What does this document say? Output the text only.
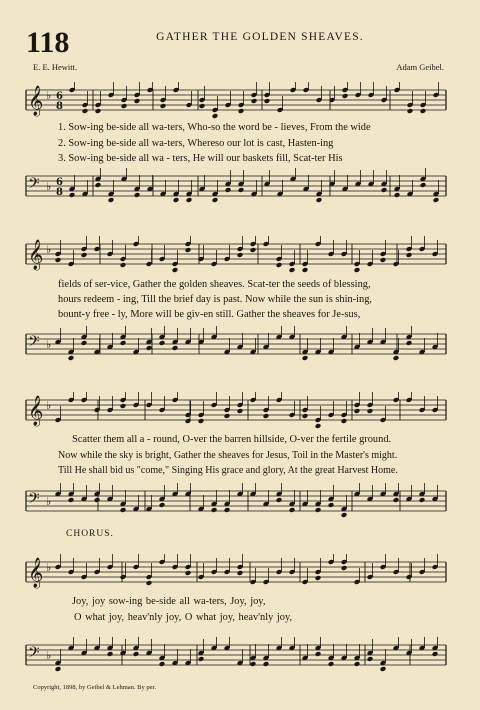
118	GATHER THE GOLDEN SHEAVES.
E. E. Hewitt.	Adam Geibel.
𝄞 ♭ 6
8
1. Sow-ing be-side all wa-ters, Who-so the word be - lieves, From the wide
2. Sow-ing be-side all wa-ters, Whereso our lot is cast, Hasten-ing
3. Sow-ing be-side all wa - ters, He will our baskets fill, Scat-ter His
𝄢 ♭ 6
8
𝄞 ♭
fields of ser-vice, Gather the golden sheaves. Scat-ter the seeds of blessing,
hours redeem - ing, Till the brief day is past. Now while the sun is shin-ing,
bount-y free - ly, More will be giv-en still. Gather the sheaves for Je-sus,
𝄢 ♭
𝄞 ♭
Scatter them all a - round, O-ver the barren hillside, O-ver the fertile ground.
Now while the sky is bright, Gather the sheaves for Jesus, Toil in the Master's might.
Till He shall bid us "come," Singing His grace and glory, At the great Harvest Home.
𝄢 ♭
CHORUS.
𝄞 ♭
Joy, joy sow-ing be-side all wa-ters, Joy, joy,
O what joy, heav'nly joy, O what joy, heav'nly joy,
𝄢 ♭
Copyright, 1898, by Geibel & Lehman. By per.
